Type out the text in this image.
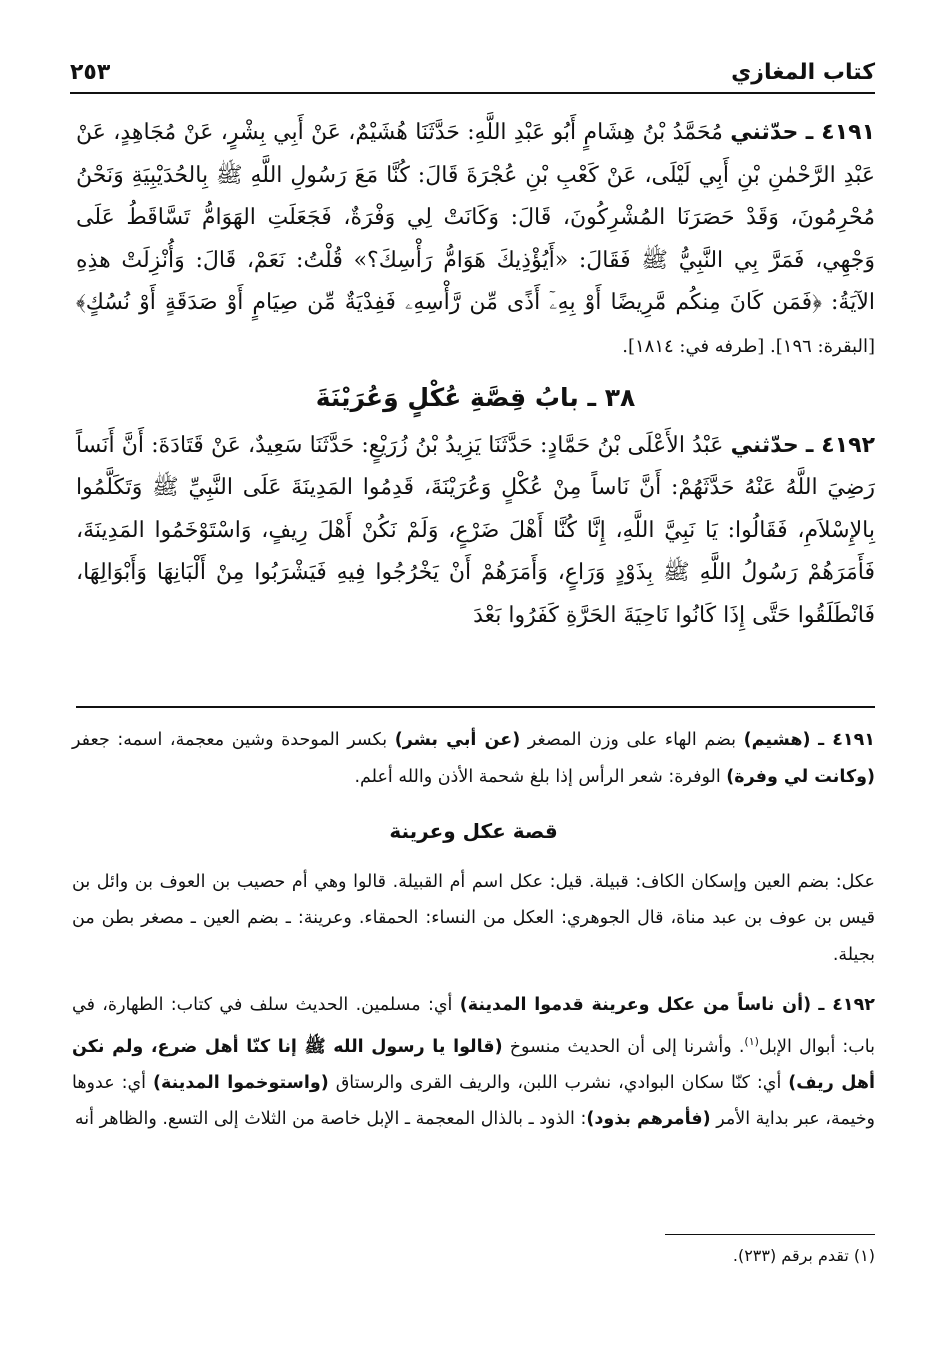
كتاب المغازي
٢٥٣

٤١٩١ ـ حدّثني مُحَمَّدُ بْنُ هِشَامٍ أَبُو عَبْدِ اللَّهِ: حَدَّثَنَا هُشَيْمٌ، عَنْ أَبِي بِشْرٍ، عَنْ مُجَاهِدٍ، عَنْ عَبْدِ الرَّحْمٰنِ بْنِ أَبِي لَيْلَى، عَنْ كَعْبِ بْنِ عُجْرَةَ قَالَ: كُنَّا مَعَ رَسُولِ اللَّهِ ﷺ بِالحُدَيْبِيَةِ وَنَحْنُ مُحْرِمُونَ، وَقَدْ حَصَرَنَا المُشْرِكُونَ، قَالَ: وَكَانَتْ لِي وَفْرَةٌ، فَجَعَلَتِ الهَوَامُّ تَسَّاقَطُ عَلَى وَجْهِي، فَمَرَّ بِي النَّبِيُّ ﷺ فَقَالَ: «أَيُؤْذِيكَ هَوَامُّ رَأْسِكَ؟» قُلْتُ: نَعَمْ، قَالَ: وَأُنْزِلَتْ هذِهِ الآيَةُ: ﴿فَمَن كَانَ مِنكُم مَّرِيضًا أَوْ بِهِۦٓ أَذًى مِّن رَّأْسِهِۦ فَفِدْيَةٌ مِّن صِيَامٍ أَوْ صَدَقَةٍ أَوْ نُسُكٍ﴾ [البقرة: ١٩٦]. [طرفه في: ١٨١٤].

٣٨ ـ بابُ قِصَّةِ عُكْلٍ وَعُرَيْنَةَ

٤١٩٢ ـ حدّثني عَبْدُ الأَعْلَى بْنُ حَمَّادٍ: حَدَّثَنَا يَزِيدُ بْنُ زُرَيْعٍ: حَدَّثَنَا سَعِيدٌ، عَنْ قَتَادَةَ: أَنَّ أَنَساً رَضِيَ اللَّهُ عَنْهُ حَدَّثَهُمْ: أَنَّ نَاساً مِنْ عُكْلٍ وَعُرَيْنَةَ، قَدِمُوا المَدِينَةَ عَلَى النَّبِيِّ ﷺ وَتَكَلَّمُوا بِالإِسْلاَمِ، فَقَالُوا: يَا نَبِيَّ اللَّهِ، إِنَّا كُنَّا أَهْلَ ضَرْعٍ، وَلَمْ نَكُنْ أَهْلَ رِيفٍ، وَاسْتَوْخَمُوا المَدِينَةَ، فَأَمَرَهُمْ رَسُولُ اللَّهِ ﷺ بِذَوْدٍ وَرَاعٍ، وَأَمَرَهُمْ أَنْ يَخْرُجُوا فِيهِ فَيَشْرَبُوا مِنْ أَلْبَانِهَا وَأَبْوَالِهَا، فَانْطَلَقُوا حَتَّى إِذَا كَانُوا نَاحِيَةَ الحَرَّةِ كَفَرُوا بَعْدَ

٤١٩١ ـ (هشيم) بضم الهاء على وزن المصغر (عن أبي بشر) بكسر الموحدة وشين معجمة، اسمه: جعفر (وكانت لي وفرة) الوفرة: شعر الرأس إذا بلغ شحمة الأذن والله أعلم.

قصة عكل وعرينة

عكل: بضم العين وإسكان الكاف: قبيلة. قيل: عكل اسم أم القبيلة. قالوا وهي أم حصيب بن العوف بن وائل بن قيس بن عوف بن عبد مناة، قال الجوهري: العكل من النساء: الحمقاء. وعرينة: ـ بضم العين ـ مصغر بطن من بجيلة.

٤١٩٢ ـ (أن ناساً من عكل وعرينة قدموا المدينة) أي: مسلمين. الحديث سلف في كتاب: الطهارة، في باب: أبوال الإبل$^{(١)}$. وأشرنا إلى أن الحديث منسوخ (قالوا يا رسول الله ﷺ إنا كنّا أهل ضرع، ولم نكن أهل ريف) أي: كنّا سكان البوادي، نشرب اللبن، والريف القرى والرستاق (واستوخموا المدينة) أي: عدوها وخيمة، عبر بداية الأمر (فأمرهم بذود): الذود ـ بالذال المعجمة ـ الإبل خاصة من الثلاث إلى التسع. والظاهر أنه

(١) تقدم برقم (٢٣٣).
